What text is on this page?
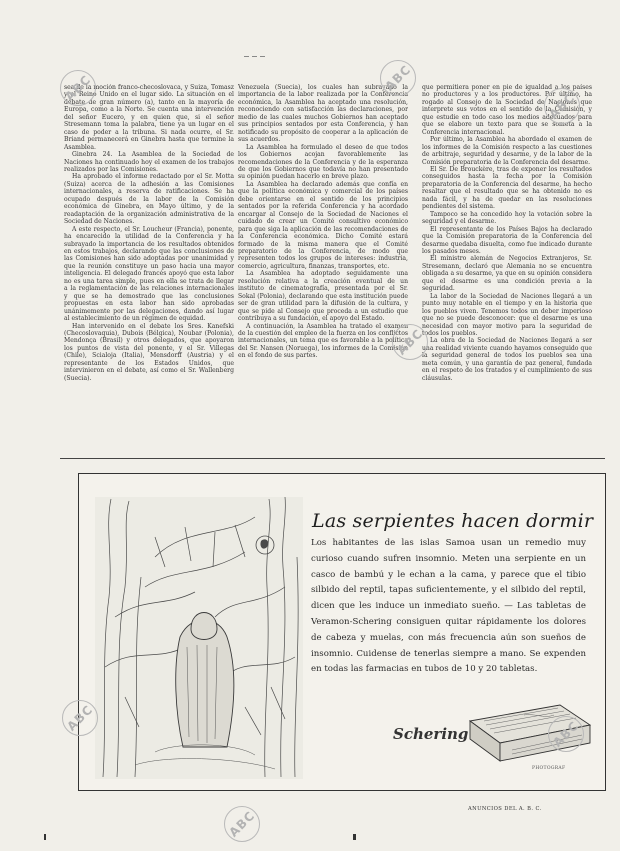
sea de la moción franco-checoslovaca, y Suiza, Tomasz y el Reino Unido en el lugar sido. La situación en el debate de gran número (a), tanto en la mayoría de Europa, como a la Norte. Se cuenta una intervención del señor Eucero, y en quien que, si el señor Stresemann toma la palabra, tiene ya un lugar en el caso de poder a la tribuna. Si nada ocurre, el Sr. Briand permanecerá en Ginebra hasta que termine la Asamblea.

Ginebra 24. La Asamblea de la Sociedad de Naciones ha continuado hoy el examen de los trabajos realizados por las Comisiones.

Ha aprobado el informe redactado por el Sr. Motta (Suiza) acerca de la adhesión a las Comisiones internacionales, a reserva de ratificaciones. Se ha ocupado después de la labor de la Comisión económica de Ginebra, en Mayo último, y de la readaptación de la organización administrativa de la Sociedad de Naciones.

A este respecto, el Sr. Loucheur (Francia), ponente, ha encarecido la utilidad de la Conferencia y ha subrayado la importancia de los resultados obtenidos en estos trabajos, declarando que las conclusiones de las Comisiones han sido adoptadas por unanimidad y que la reunión constituye un paso hacia una mayor inteligencia. El delegado francés apoyó que esta labor no es una tarea simple, pues en ella se trata de llegar a la reglamentación de las relaciones internacionales y que se ha demostrado que las conclusiones propuestas en esta labor han sido aprobadas unánimemente por las delegaciones, dando así lugar al establecimiento de un régimen de equidad.

Han intervenido en el debate los Sres. Kanefski (Checoslovaquia), Dubois (Bélgica), Noubar (Polonia), Mendonça (Brasil) y otros delegados, que apoyaron los puntos de vista del ponente, y el Sr. Villegas (Chile), Scialoja (Italia), Mensdorff (Austria) y el representante de los Estados Unidos, que intervinieron en el debate, así como el Sr. Wallenberg (Suecia).

Venezuela (Suecia), los cuales han subrayado la importancia de la labor realizada por la Conferencia económica, la Asamblea ha aceptado una resolución, reconociendo con satisfacción las declaraciones, por medio de las cuales muchos Gobiernos han aceptado sus principios sentados por esta Conferencia, y han notificado su propósito de cooperar a la aplicación de sus acuerdos.

La Asamblea ha formulado el deseo de que todos los Gobiernos acojan favorablemente las recomendaciones de la Conferencia y de la esperanza de que los Gobiernos que todavía no han presentado su opinión puedan hacerlo en breve plazo.

La Asamblea ha declarado además que confía en que la política económica y comercial de los países debe orientarse en el sentido de los principios sentados por la referida Conferencia y ha acordado encargar al Consejo de la Sociedad de Naciones el cuidado de crear un Comité consultivo económico para que siga la aplicación de las recomendaciones de la Conferencia económica. Dicho Comité estará formado de la misma manera que el Comité preparatorio de la Conferencia, de modo que representen todos los grupos de intereses: industria, comercio, agricultura, finanzas, transportes, etc.

La Asamblea ha adoptado seguidamente una resolución relativa a la creación eventual de un instituto de cinematografía, presentada por el Sr. Sokal (Polonia), declarando que esta institución puede ser de gran utilidad para la difusión de la cultura, y que se pide al Consejo que proceda a un estudio que contribuya a su fundación, el apoyo del Estado.

A continuación, la Asamblea ha tratado el examen de la cuestión del empleo de la fuerza en los conflictos internacionales, un tema que es favorable a la política del Sr. Nansen (Noruega), los informes de la Comisión en el fondo de sus partes.

que permitiera poner en pie de igualdad a los países no productores y a los productores. Por último, ha rogado al Consejo de la Sociedad de Naciones que interprete sus votos en el sentido de la Comisión, y que estudie en todo caso los medios adecuados para que se elabore un texto para que se someta a la Conferencia internacional.

Por último, la Asamblea ha abordado el examen de los informes de la Comisión respecto a las cuestiones de arbitraje, seguridad y desarme, y de la labor de la Comisión preparatoria de la Conferencia del desarme.

El Sr. De Brouckère, tras de exponer los resultados conseguidos hasta la fecha por la Comisión preparatoria de la Conferencia del desarme, ha hecho resaltar que el resultado que se ha obtenido no es nada fácil, y ha de quedar en las resoluciones pendientes del sistema.

Tampoco se ha concedido hoy la votación sobre la seguridad y el desarme.

El representante de los Países Bajos ha declarado que la Comisión preparatoria de la Conferencia del desarme quedaba disuelta, como fue indicado durante los pasados meses.

El ministro alemán de Negocios Extranjeros, Sr. Stresemann, declaró que Alemania no se encuentra obligada a su desarme, ya que en su opinión considera que el desarme es una condición previa a la seguridad.

La labor de la Sociedad de Naciones llegará a un punto muy notable en el tiempo y en la historia que los pueblos viven. Tenemos todos un deber imperioso que no se puede desconocer: que el desarme es una necesidad con mayor motivo para la seguridad de todos los pueblos.

La obra de la Sociedad de Naciones llegará a ser una realidad viviente cuando hayamos conseguido que la seguridad general de todos los pueblos sea una meta común, y una garantía de paz general, fundada en el respeto de los tratados y el cumplimiento de sus cláusulas.

Las serpientes hacen dormir
Los habitantes de las islas Samoa usan un remedio muy curioso cuando sufren insomnio. Meten una serpiente en un casco de bambú y le echan a la cama, y parece que el tibio silbido del reptil, tapas suficientemente, y el silbido del reptil, dicen que les induce un inmediato sueño. — Las tabletas de Veramon-Schering consiguen quitar rápidamente los dolores de cabeza y muelas, con más frecuencia aún son sueños de insomnio. Cuidense de tenerlas siempre a mano. Se expenden en todas las farmacias en tubos de 10 y 20 tabletas.
Schering
PHOTOGRAF
ANUNCIOS DEL A. B. C.
ABC	ABC
ABC
ABC
ABC
ABC
ABC
